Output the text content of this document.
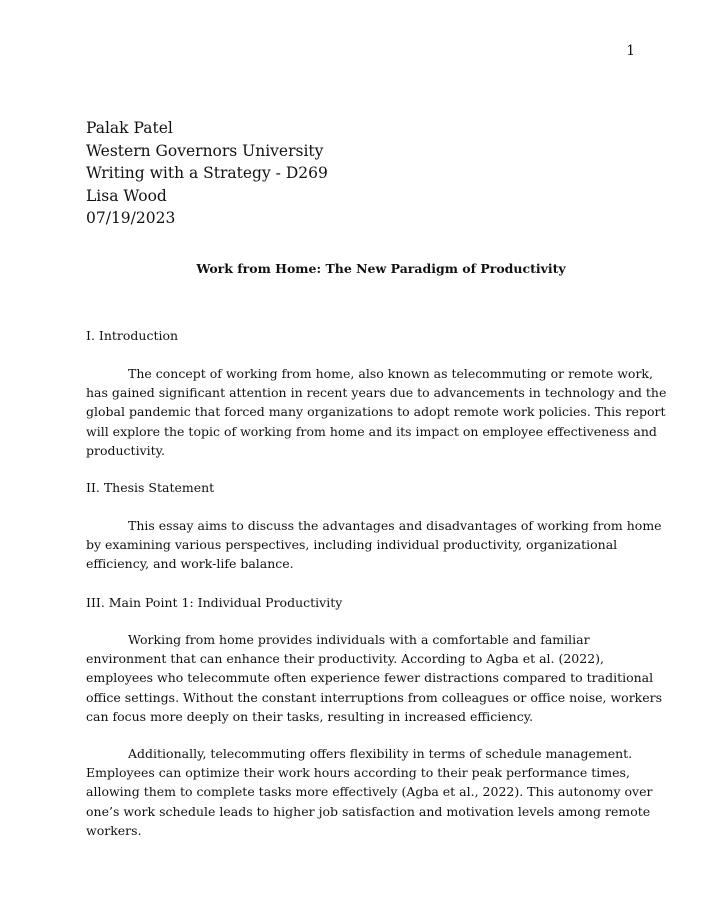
1
Palak Patel
Western Governors University
Writing with a Strategy - D269
Lisa Wood
07/19/2023
Work from Home: The New Paradigm of Productivity
I. Introduction

The concept of working from home, also known as telecommuting or remote work,
has gained significant attention in recent years due to advancements in technology and the
global pandemic that forced many organizations to adopt remote work policies. This report
will explore the topic of working from home and its impact on employee effectiveness and
productivity.

II. Thesis Statement

This essay aims to discuss the advantages and disadvantages of working from home
by examining various perspectives, including individual productivity, organizational
efficiency, and work-life balance.

III. Main Point 1: Individual Productivity

Working from home provides individuals with a comfortable and familiar
environment that can enhance their productivity. According to Agba et al. (2022),
employees who telecommute often experience fewer distractions compared to traditional
office settings. Without the constant interruptions from colleagues or office noise, workers
can focus more deeply on their tasks, resulting in increased efficiency.

Additionally, telecommuting offers flexibility in terms of schedule management.
Employees can optimize their work hours according to their peak performance times,
allowing them to complete tasks more effectively (Agba et al., 2022). This autonomy over
one’s work schedule leads to higher job satisfaction and motivation levels among remote
workers.
